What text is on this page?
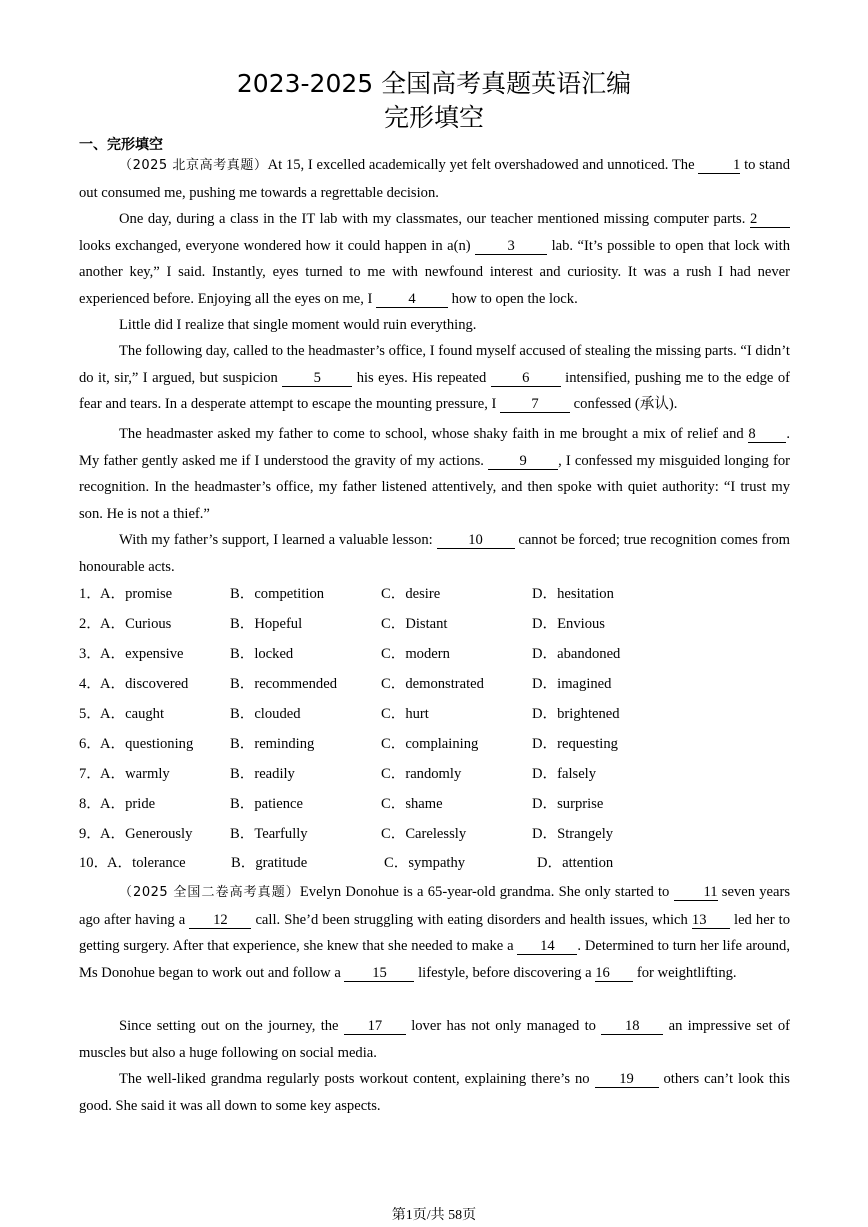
2023-2025 全国高考真题英语汇编
完形填空
一、完形填空

（2025 北京高考真题）At 15, I excelled academically yet felt overshadowed and unnoticed. The 1 to stand out consumed me, pushing me towards a regrettable decision.

One day, during a class in the IT lab with my classmates, our teacher mentioned missing computer parts. 2 looks exchanged, everyone wondered how it could happen in a(n) 3 lab. “It’s possible to open that lock with another key,” I said. Instantly, eyes turned to me with newfound interest and curiosity. It was a rush I had never experienced before. Enjoying all the eyes on me, I 4 how to open the lock.

Little did I realize that single moment would ruin everything.

The following day, called to the headmaster’s office, I found myself accused of stealing the missing parts. “I didn’t do it, sir,” I argued, but suspicion 5 his eyes. His repeated 6 intensified, pushing me to the edge of fear and tears. In a desperate attempt to escape the mounting pressure, I 7 confessed (承认).

The headmaster asked my father to come to school, whose shaky faith in me brought a mix of relief and 8 . My father gently asked me if I understood the gravity of my actions. 9 , I confessed my misguided longing for recognition. In the headmaster’s office, my father listened attentively, and then spoke with quiet authority: “I trust my son. He is not a thief.”

With my father’s support, I learned a valuable lesson: 10 cannot be forced; true recognition comes from honourable acts.

1． A．promise	B．competition	C．desire	D．hesitation
2． A．Curious	B．Hopeful	C．Distant	D．Envious
3． A．expensive	B．locked	C．modern	D．abandoned
4． A．discovered	B．recommended	C．demonstrated	D．imagined
5． A．caught	B．clouded	C．hurt	D．brightened
6． A．questioning	B．reminding	C．complaining	D．requesting
7． A．warmly	B．readily	C．randomly	D．falsely
8． A．pride	B．patience	C．shame	D．surprise
9． A．Generously	B．Tearfully	C．Carelessly	D．Strangely
10．
A．tolerance	B．gratitude	C．sympathy	D．attention

（2025 全国二卷高考真题）Evelyn Donohue is a 65-year-old grandma. She only started to 11 seven years ago after having a 12 call. She’d been struggling with eating disorders and health issues, which 13 led her to getting surgery. After that experience, she knew that she needed to make a 14 . Determined to turn her life around, Ms Donohue began to work out and follow a 15 lifestyle, before discovering a 16 for weightlifting.

Since setting out on the journey, the 17 lover has not only managed to 18 an impressive set of muscles but also a huge following on social media.

The well-liked grandma regularly posts workout content, explaining there’s no 19 others can’t look this good. She said it was all down to some key aspects.

第1页/共 58页
